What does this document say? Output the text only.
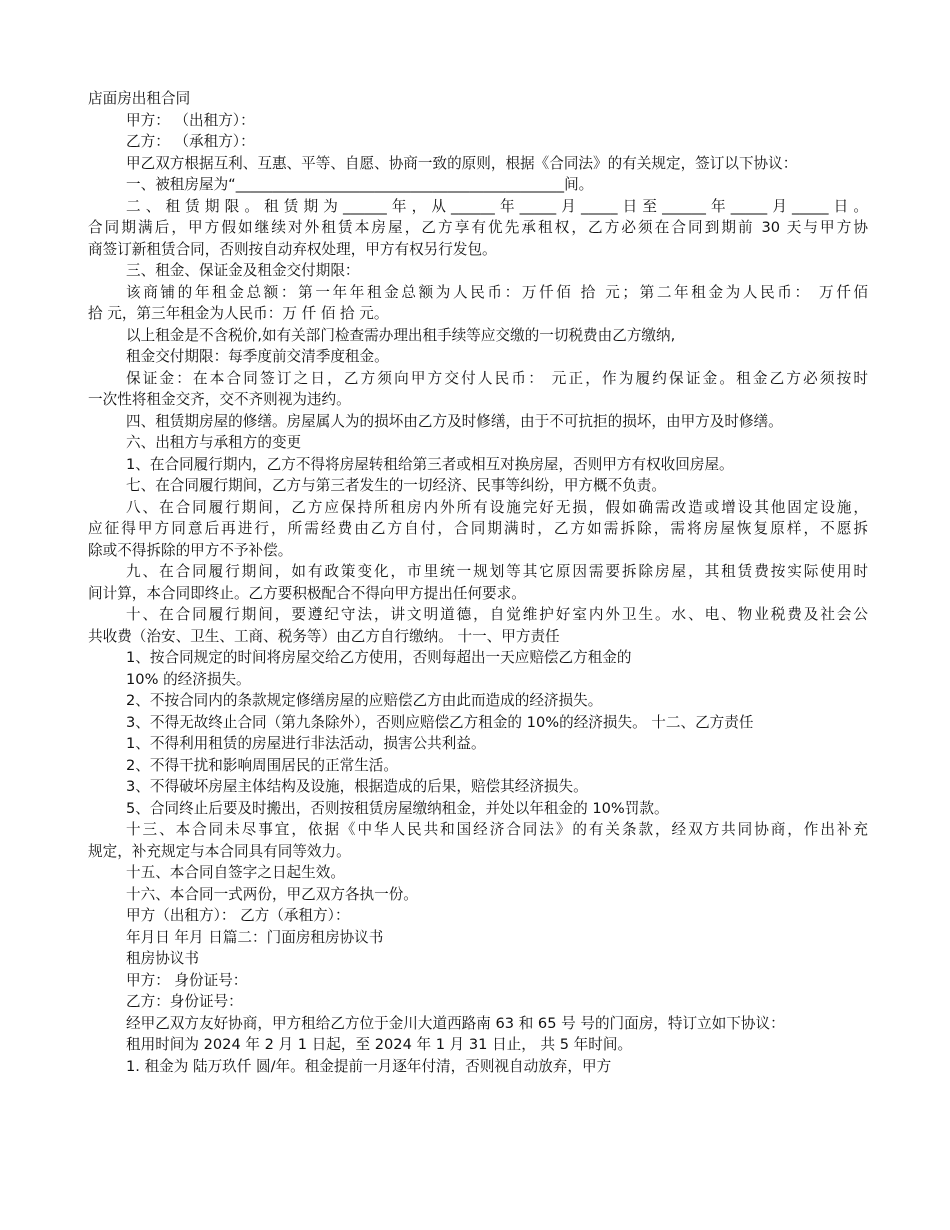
店面房出租合同
甲方： （出租方）：
乙方： （承租方）：
甲乙双方根据互利、互惠、平等、自愿、协商一致的原则，根据《合同法》的有关规定，签订以下协议：
一、被租房屋为“_____________________________________________间。
二、租赁期限。租赁期为______年，从______年_____月_____日至______年_____月_____日。
合同期满后，甲方假如继续对外租赁本房屋，乙方享有优先承租权，乙方必须在合同到期前 30 天与甲方协
商签订新租赁合同，否则按自动弃权处理，甲方有权另行发包。
三、租金、保证金及租金交付期限：
该商铺的年租金总额：第一年年租金总额为人民币：万仟佰 拾 元；第二年租金为人民币： 万仟佰
拾 元，第三年租金为人民币：万 仟 佰 拾 元。
以上租金是不含税价,如有关部门检查需办理出租手续等应交缴的一切税费由乙方缴纳,
租金交付期限：每季度前交清季度租金。
保证金：在本合同签订之日，乙方须向甲方交付人民币： 元正，作为履约保证金。租金乙方必须按时
一次性将租金交齐，交不齐则视为违约。
四、租赁期房屋的修缮。房屋属人为的损坏由乙方及时修缮，由于不可抗拒的损坏，由甲方及时修缮。
六、出租方与承租方的变更
1、在合同履行期内，乙方不得将房屋转租给第三者或相互对换房屋，否则甲方有权收回房屋。
七、在合同履行期间，乙方与第三者发生的一切经济、民事等纠纷，甲方概不负责。
八、在合同履行期间，乙方应保持所租房内外所有设施完好无损，假如确需改造或增设其他固定设施，
应征得甲方同意后再进行，所需经费由乙方自付，合同期满时，乙方如需拆除，需将房屋恢复原样，不愿拆
除或不得拆除的甲方不予补偿。
九、在合同履行期间，如有政策变化，市里统一规划等其它原因需要拆除房屋，其租赁费按实际使用时
间计算，本合同即终止。乙方要积极配合不得向甲方提出任何要求。
十、在合同履行期间，要遵纪守法，讲文明道德，自觉维护好室内外卫生。水、电、物业税费及社会公
共收费（治安、卫生、工商、税务等）由乙方自行缴纳。 十一、甲方责任
1、按合同规定的时间将房屋交给乙方使用，否则每超出一天应赔偿乙方租金的
10% 的经济损失。
2、不按合同内的条款规定修缮房屋的应赔偿乙方由此而造成的经济损失。
3、不得无故终止合同（第九条除外），否则应赔偿乙方租金的 10%的经济损失。 十二、乙方责任
1、不得利用租赁的房屋进行非法活动，损害公共利益。
2、不得干扰和影响周围居民的正常生活。
3、不得破坏房屋主体结构及设施，根据造成的后果，赔偿其经济损失。
5、合同终止后要及时搬出，否则按租赁房屋缴纳租金，并处以年租金的 10%罚款。
十三、本合同未尽事宜，依据《中华人民共和国经济合同法》的有关条款，经双方共同协商，作出补充
规定，补充规定与本合同具有同等效力。
十五、本合同自签字之日起生效。
十六、本合同一式两份，甲乙双方各执一份。
甲方（出租方）： 乙方（承租方）：
年月日 年月 日篇二：门面房租房协议书
租房协议书
甲方： 身份证号：
乙方：身份证号：
经甲乙双方友好协商，甲方租给乙方位于金川大道西路南 63 和 65 号 号的门面房，特订立如下协议：
租用时间为 2024 年 2 月 1 日起，至 2024 年 1 月 31 日止， 共 5 年时间。
1. 租金为 陆万玖仟 圆/年。租金提前一月逐年付清，否则视自动放弃，甲方
